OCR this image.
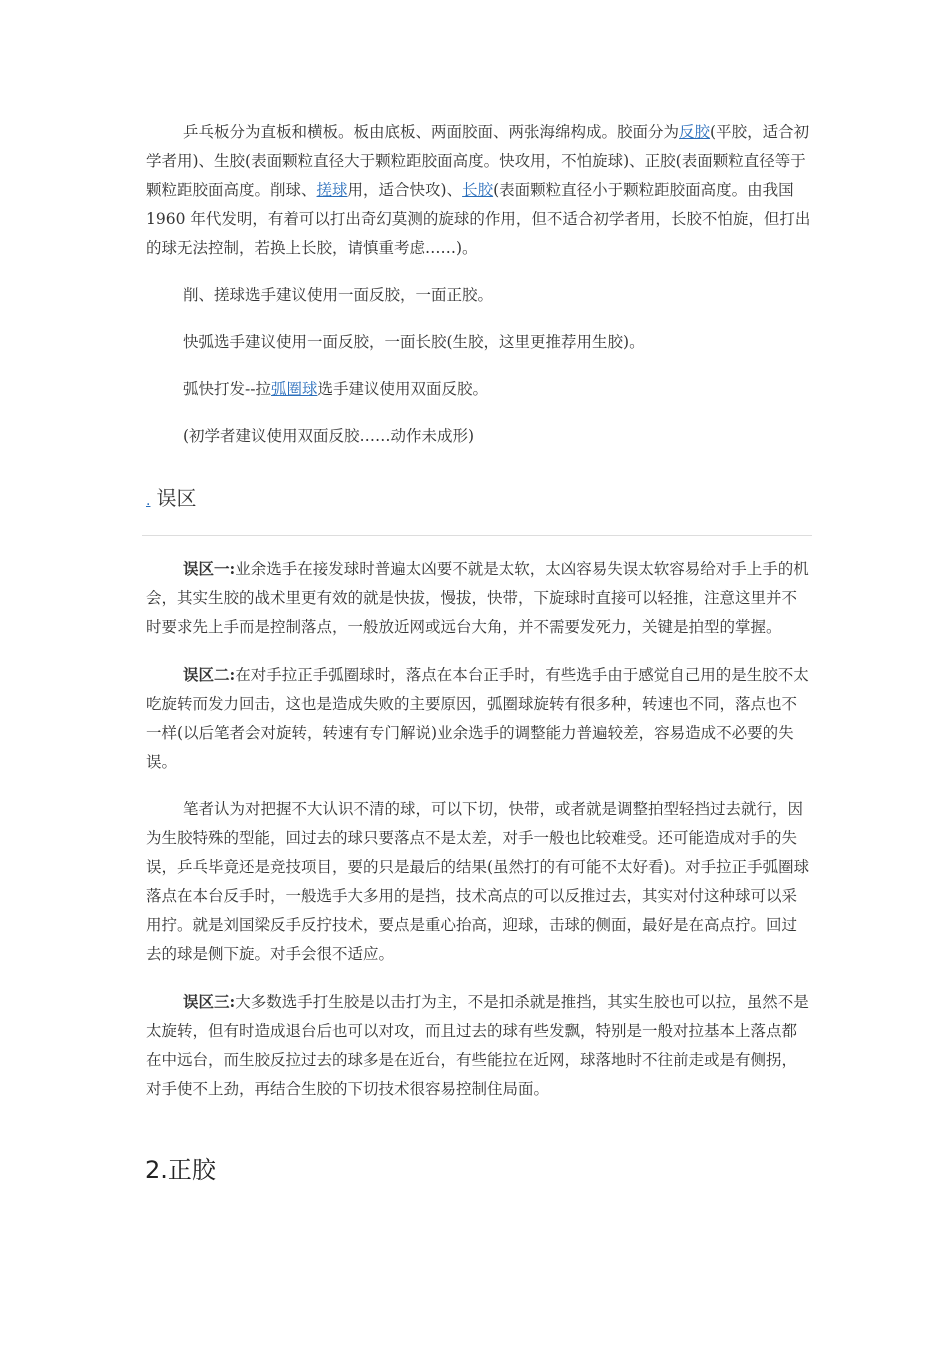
乒乓板分为直板和横板。板由底板、两面胶面、两张海绵构成。胶面分为反胶(平胶，适合初学者用)、生胶(表面颗粒直径大于颗粒距胶面高度。快攻用，不怕旋球)、正胶(表面颗粒直径等于颗粒距胶面高度。削球、搓球用，适合快攻)、长胶(表面颗粒直径小于颗粒距胶面高度。由我国 1960 年代发明，有着可以打出奇幻莫测的旋球的作用，但不适合初学者用，长胶不怕旋，但打出的球无法控制，若换上长胶，请慎重考虑……)。

削、搓球选手建议使用一面反胶，一面正胶。

快弧选手建议使用一面反胶，一面长胶(生胶，这里更推荐用生胶)。

弧快打发--拉弧圈球选手建议使用双面反胶。

(初学者建议使用双面反胶……动作未成形)

. 误区

误区一:业余选手在接发球时普遍太凶要不就是太软，太凶容易失误太软容易给对手上手的机会，其实生胶的战术里更有效的就是快拔，慢拔，快带，下旋球时直接可以轻推，注意这里并不时要求先上手而是控制落点，一般放近网或远台大角，并不需要发死力，关键是拍型的掌握。

误区二:在对手拉正手弧圈球时，落点在本台正手时，有些选手由于感觉自己用的是生胶不太吃旋转而发力回击，这也是造成失败的主要原因，弧圈球旋转有很多种，转速也不同，落点也不一样(以后笔者会对旋转，转速有专门解说)业余选手的调整能力普遍较差，容易造成不必要的失误。

笔者认为对把握不大认识不清的球，可以下切，快带，或者就是调整拍型轻挡过去就行，因为生胶特殊的型能，回过去的球只要落点不是太差，对手一般也比较难受。还可能造成对手的失误，乒乓毕竟还是竞技项目，要的只是最后的结果(虽然打的有可能不太好看)。对手拉正手弧圈球落点在本台反手时，一般选手大多用的是挡，技术高点的可以反推过去，其实对付这种球可以采用拧。就是刘国梁反手反拧技术，要点是重心抬高，迎球，击球的侧面，最好是在高点拧。回过去的球是侧下旋。对手会很不适应。

误区三:大多数选手打生胶是以击打为主，不是扣杀就是推挡，其实生胶也可以拉，虽然不是太旋转，但有时造成退台后也可以对攻，而且过去的球有些发飘，特别是一般对拉基本上落点都在中远台，而生胶反拉过去的球多是在近台，有些能拉在近网，球落地时不往前走或是有侧拐，对手使不上劲，再结合生胶的下切技术很容易控制住局面。

2.正胶
